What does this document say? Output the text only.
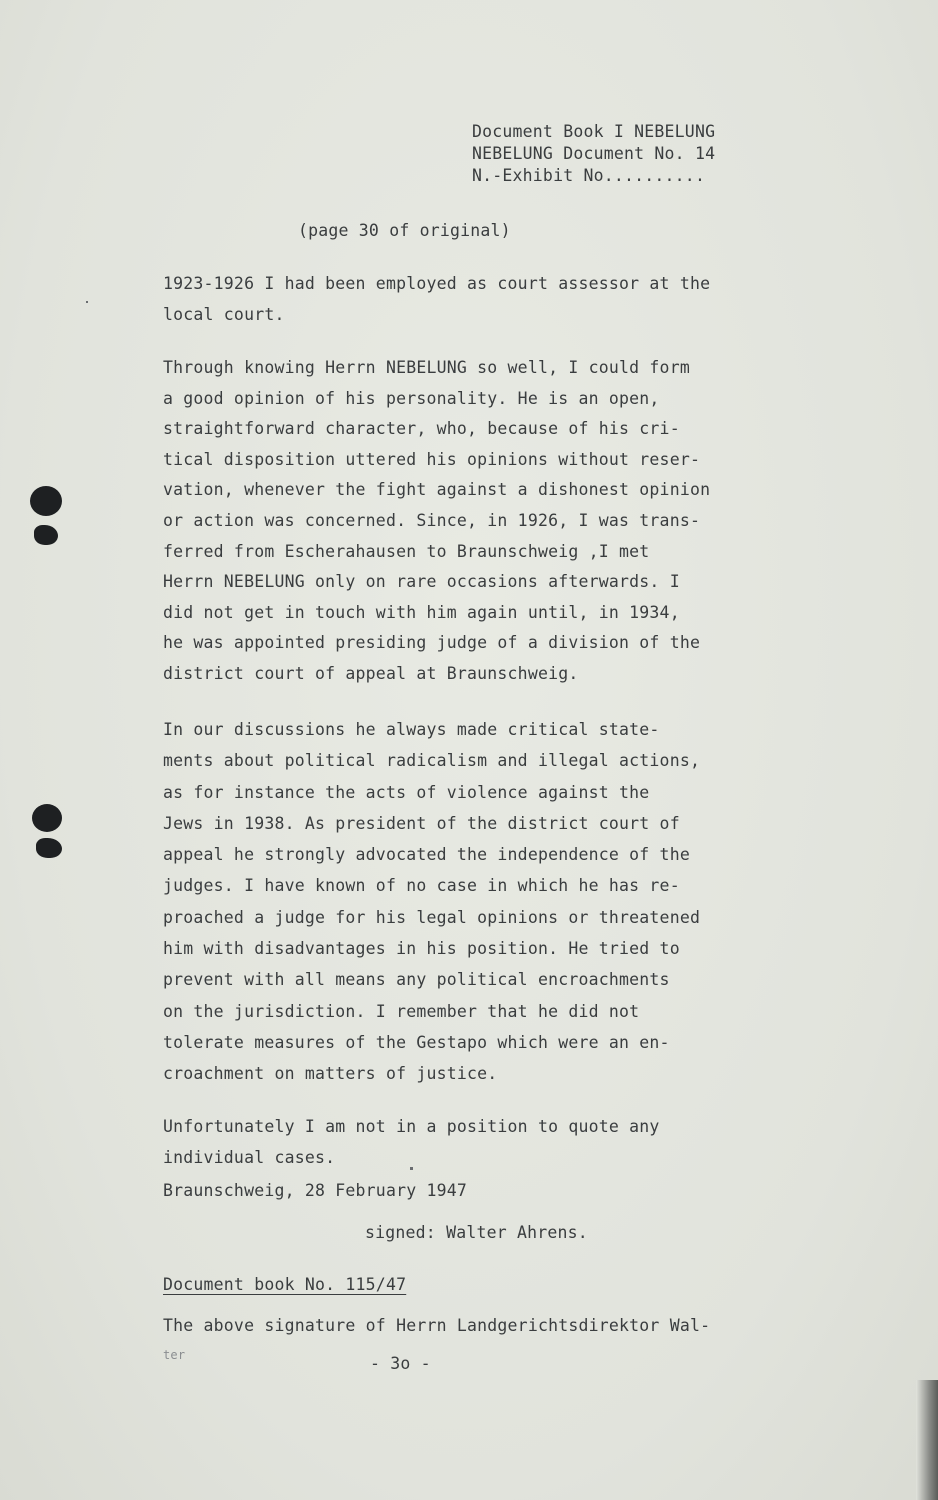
Document Book I NEBELUNG
NEBELUNG Document No. 14
N.-Exhibit No..........
(page 30 of original)
1923-1926 I had been employed as court assessor at the
local court.
Through knowing Herrn NEBELUNG so well, I could form
a good opinion of his personality. He is an open,
straightforward character, who, because of his cri-
tical disposition uttered his opinions without reser-
vation, whenever the fight against a dishonest opinion
or action was concerned. Since, in 1926, I was trans-
ferred from Escherahausen to Braunschweig ,I met
Herrn NEBELUNG only on rare occasions afterwards. I
did not get in touch with him again until, in 1934,
he was appointed presiding judge of a division of the
district court of appeal at Braunschweig.
In our discussions he always made critical state-
ments about political radicalism and illegal actions,
as for instance the acts of violence against the
Jews in 1938. As president of the district court of
appeal he strongly advocated the independence of the
judges. I have known of no case in which he has re-
proached a judge for his legal opinions or threatened
him with disadvantages in his position. He tried to
prevent with all means any political encroachments
on the jurisdiction. I remember that he did not
tolerate measures of the Gestapo which were an en-
croachment on matters of justice.
Unfortunately I am not in a position to quote any
individual cases.
Braunschweig, 28 February 1947
signed: Walter Ahrens.
Document book No. 115/47
The above signature of Herrn Landgerichtsdirektor Wal-
ter	- 3o -
